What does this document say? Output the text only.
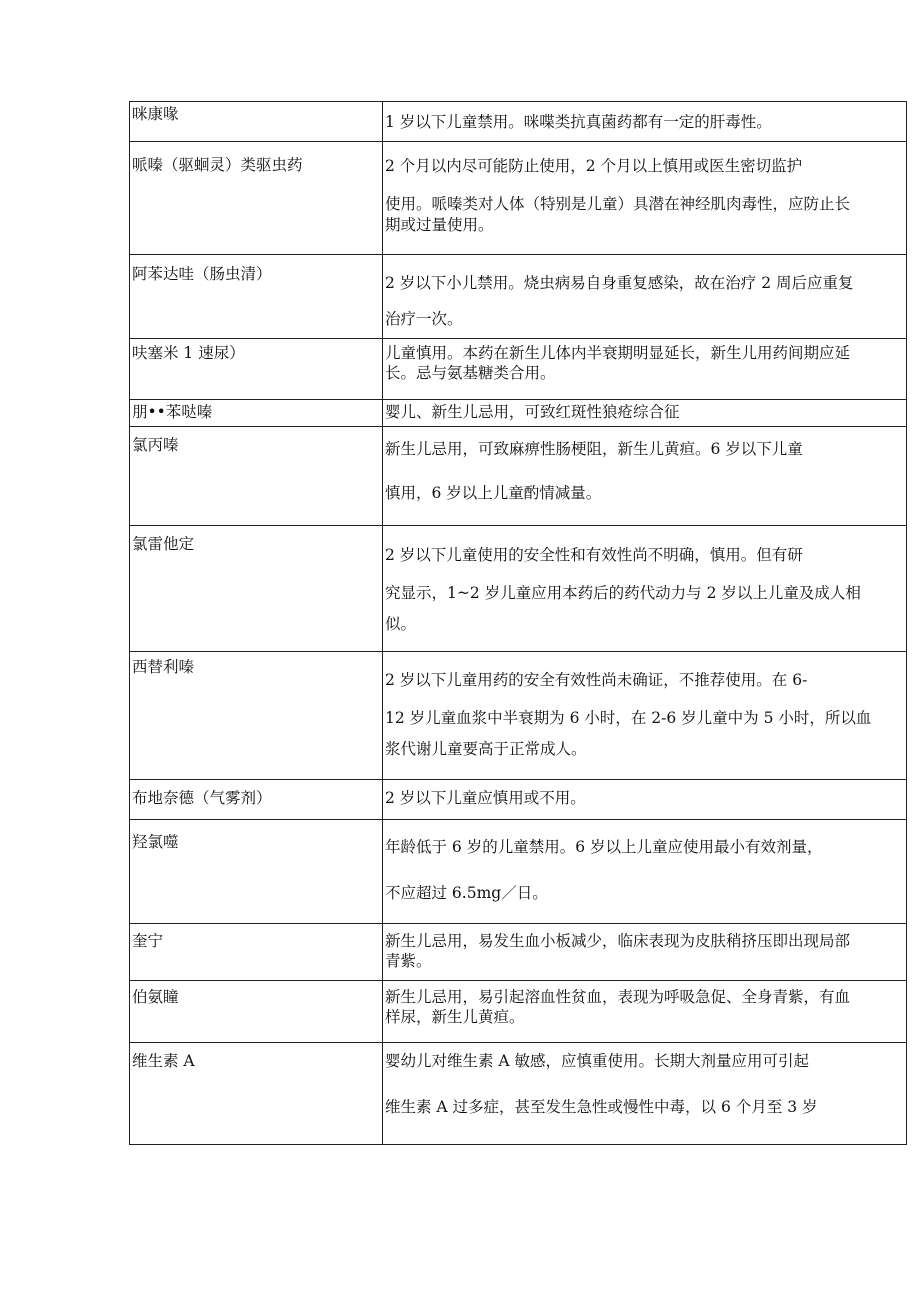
咪康喙	1 岁以下儿童禁用。咪喋类抗真菌药都有一定的肝毒性。

哌嗪（驱蛔灵）类驱虫药	2 个月以内尽可能防止使用，2 个月以上慎用或医生密切监护
使用。哌嗪类对人体（特别是儿童）具潜在神经肌肉毒性，应防止长
期或过量使用。

阿苯达哇（肠虫清）	2 岁以下小儿禁用。烧虫病易自身重复感染，故在治疗 2 周后应重复
治疗一次。

呋塞米 1 速尿）	儿童慎用。本药在新生儿体内半衰期明显延长，新生儿用药间期应延
长。忌与氨基糖类合用。

朋••苯哒嗪	婴儿、新生儿忌用，可致红斑性狼疮综合征

氯丙嗪	新生儿忌用，可致麻痹性肠梗阻，新生儿黄疸。6 岁以下儿童
慎用，6 岁以上儿童酌情减量。

氯雷他定	2 岁以下儿童使用的安全性和有效性尚不明确，慎用。但有研
究显示，1~2 岁儿童应用本药后的药代动力与 2 岁以上儿童及成人相
似。

西替利嗪	2 岁以下儿童用药的安全有效性尚未确证，不推荐使用。在 6-
12 岁儿童血浆中半衰期为 6 小时，在 2-6 岁儿童中为 5 小时，所以血
浆代谢儿童要高于正常成人。

布地奈德（气雾剂）	2 岁以下儿童应慎用或不用。

羟氯噬	年龄低于 6 岁的儿童禁用。6 岁以上儿童应使用最小有效剂量，
不应超过 6.5mg／日。

奎宁	新生儿忌用，易发生血小板减少，临床表现为皮肤稍挤压即出现局部
青紫。

伯氨瞳	新生儿忌用，易引起溶血性贫血，表现为呼吸急促、全身青紫，有血
样尿，新生儿黄疸。

维生素 A	婴幼儿对维生素 A 敏感，应慎重使用。长期大剂量应用可引起
维生素 A 过多症，甚至发生急性或慢性中毒，以 6 个月至 3 岁
